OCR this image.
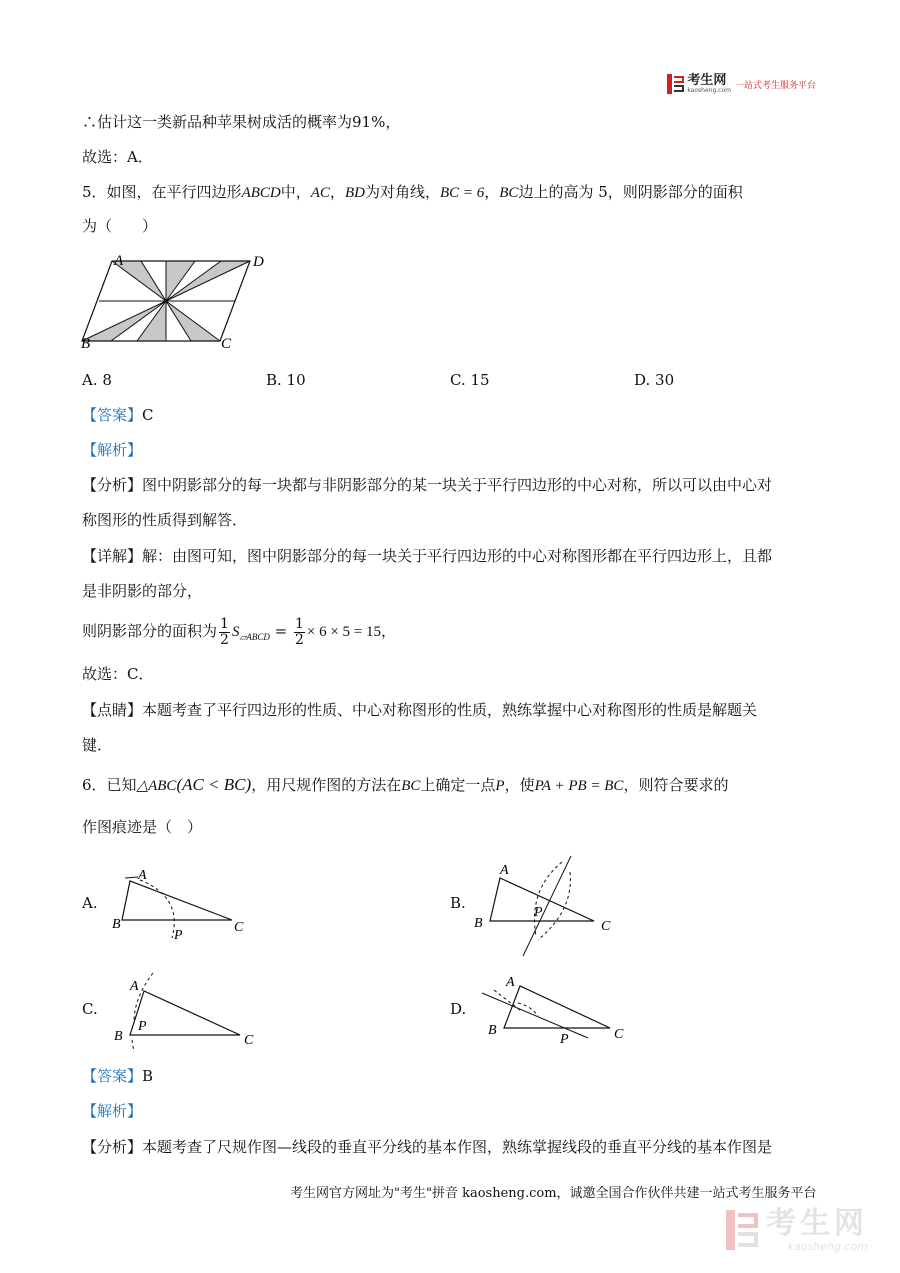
考生网
kaosheng.com 一站式考生服务平台
∴估计这一类新品种苹果树成活的概率为91%，
故选：A．
5．如图，在平行四边形ABCD中，AC，BD为对角线，BC = 6，BC边上的高为 5，则阴影部分的面积
为（　　）
A	D
B	C
A. 8	B. 10	C. 15	D. 30
【答案】C
【解析】
【分析】图中阴影部分的每一块都与非阴影部分的某一块关于平行四边形的中心对称，所以可以由中心对
称图形的性质得到解答．
【详解】解：由图可知，图中阴影部分的每一块关于平行四边形的中心对称图形都在平行四边形上，且都
是非阴影的部分，
则阴影部分的面积为 $\frac{1}{2} S_{▱ABCD} = \frac{1}{2} \times 6 \times 5 = 15$，
故选：C．
【点睛】本题考查了平行四边形的性质、中心对称图形的性质，熟练掌握中心对称图形的性质是解题关
键．
6．已知△ABC(AC < BC)，用尺规作图的方法在BC上确定一点P，使PA + PB = BC，则符合要求的
作图痕迹是（　）
A.	B.
C.	D.
A
B	C
P
A
B	C
P
A
B	C
P
A
B	C
P
【答案】B
【解析】
【分析】本题考查了尺规作图—线段的垂直平分线的基本作图，熟练掌握线段的垂直平分线的基本作图是
考生网官方网址为"考生"拼音 kaosheng.com，诚邀全国合作伙伴共建一站式考生服务平台
考生网
kaosheng.com
